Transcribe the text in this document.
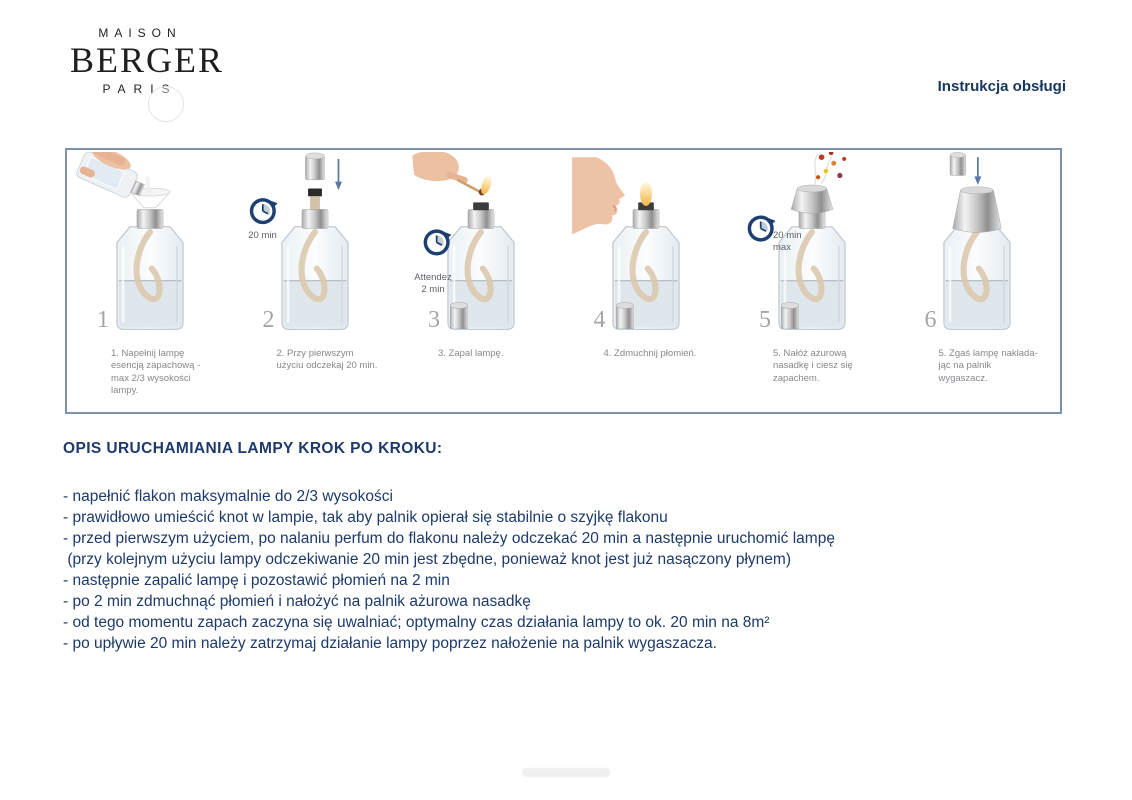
MAISON

BERGER

PARIS	Instrukcja obsługi
1

1. Napełnij lampę esencją zapachową - max 2/3 wysokości lampy.

20 min
2

2. Przy pierwszym użyciu odczekaj 20 min.

Attendez
2 min
3

3. Zapal lampę.

4

4. Zdmuchnij płomień.

20 min
max
5

5. Nałóż ażurową nasadkę i ciesz się zapachem.

6

5. Zgaś lampę naklada- jąc na palnik wygaszacz.

OPIS URUCHAMIANIA LAMPY KROK PO KROKU:

- napełnić flakon maksymalnie do 2/3 wysokości

- prawidłowo umieścić knot w lampie, tak aby palnik opierał się stabilnie o szyjkę flakonu

- przed pierwszym użyciem, po nalaniu perfum do flakonu należy odczekać 20 min a następnie uruchomić lampę

(przy kolejnym użyciu lampy odczekiwanie 20 min jest zbędne, ponieważ knot jest już nasączony płynem)

- następnie zapalić lampę i pozostawić płomień na 2 min

- po 2 min zdmuchnąć płomień i nałożyć na palnik ażurowa nasadkę

- od tego momentu zapach zaczyna się uwalniać; optymalny czas działania lampy to ok. 20 min na 8m²

- po upływie 20 min należy zatrzymaj działanie lampy poprzez nałożenie na palnik wygaszacza.
